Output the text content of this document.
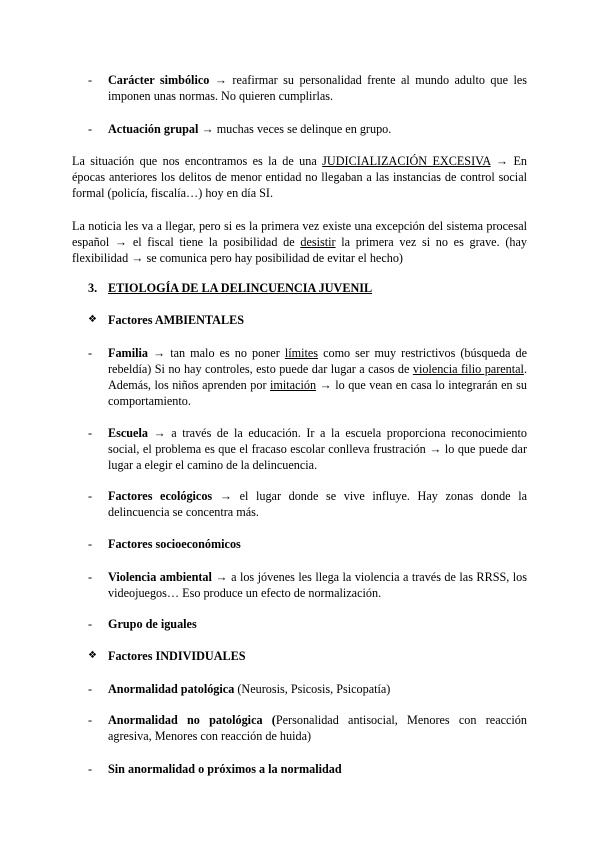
-	Carácter simbólico → reafirmar su personalidad frente al mundo adulto que les imponen unas normas. No quieren cumplirlas.
-	Actuación grupal → muchas veces se delinque en grupo.
La situación que nos encontramos es la de una JUDICIALIZACIÓN EXCESIVA → En épocas anteriores los delitos de menor entidad no llegaban a las instancias de control social formal (policía, fiscalía…) hoy en día SI.
La noticia les va a llegar, pero si es la primera vez existe una excepción del sistema procesal español → el fiscal tiene la posibilidad de desistir la primera vez si no es grave. (hay flexibilidad → se comunica pero hay posibilidad de evitar el hecho)
3. ETIOLOGÍA DE LA DELINCUENCIA JUVENIL
❖ Factores AMBIENTALES
-	Familia → tan malo es no poner límites como ser muy restrictivos (búsqueda de rebeldía) Si no hay controles, esto puede dar lugar a casos de violencia filio parental. Además, los niños aprenden por imitación → lo que vean en casa lo integrarán en su comportamiento.
-	Escuela → a través de la educación. Ir a la escuela proporciona reconocimiento social, el problema es que el fracaso escolar conlleva frustración → lo que puede dar lugar a elegir el camino de la delincuencia.
-	Factores ecológicos → el lugar donde se vive influye. Hay zonas donde la delincuencia se concentra más.
-	Factores socioeconómicos
-	Violencia ambiental → a los jóvenes les llega la violencia a través de las RRSS, los videojuegos… Eso produce un efecto de normalización.
-	Grupo de iguales
❖ Factores INDIVIDUALES
-	Anormalidad patológica (Neurosis, Psicosis, Psicopatía)
-	Anormalidad no patológica (Personalidad antisocial, Menores con reacción agresiva, Menores con reacción de huida)
-	Sin anormalidad o próximos a la normalidad
